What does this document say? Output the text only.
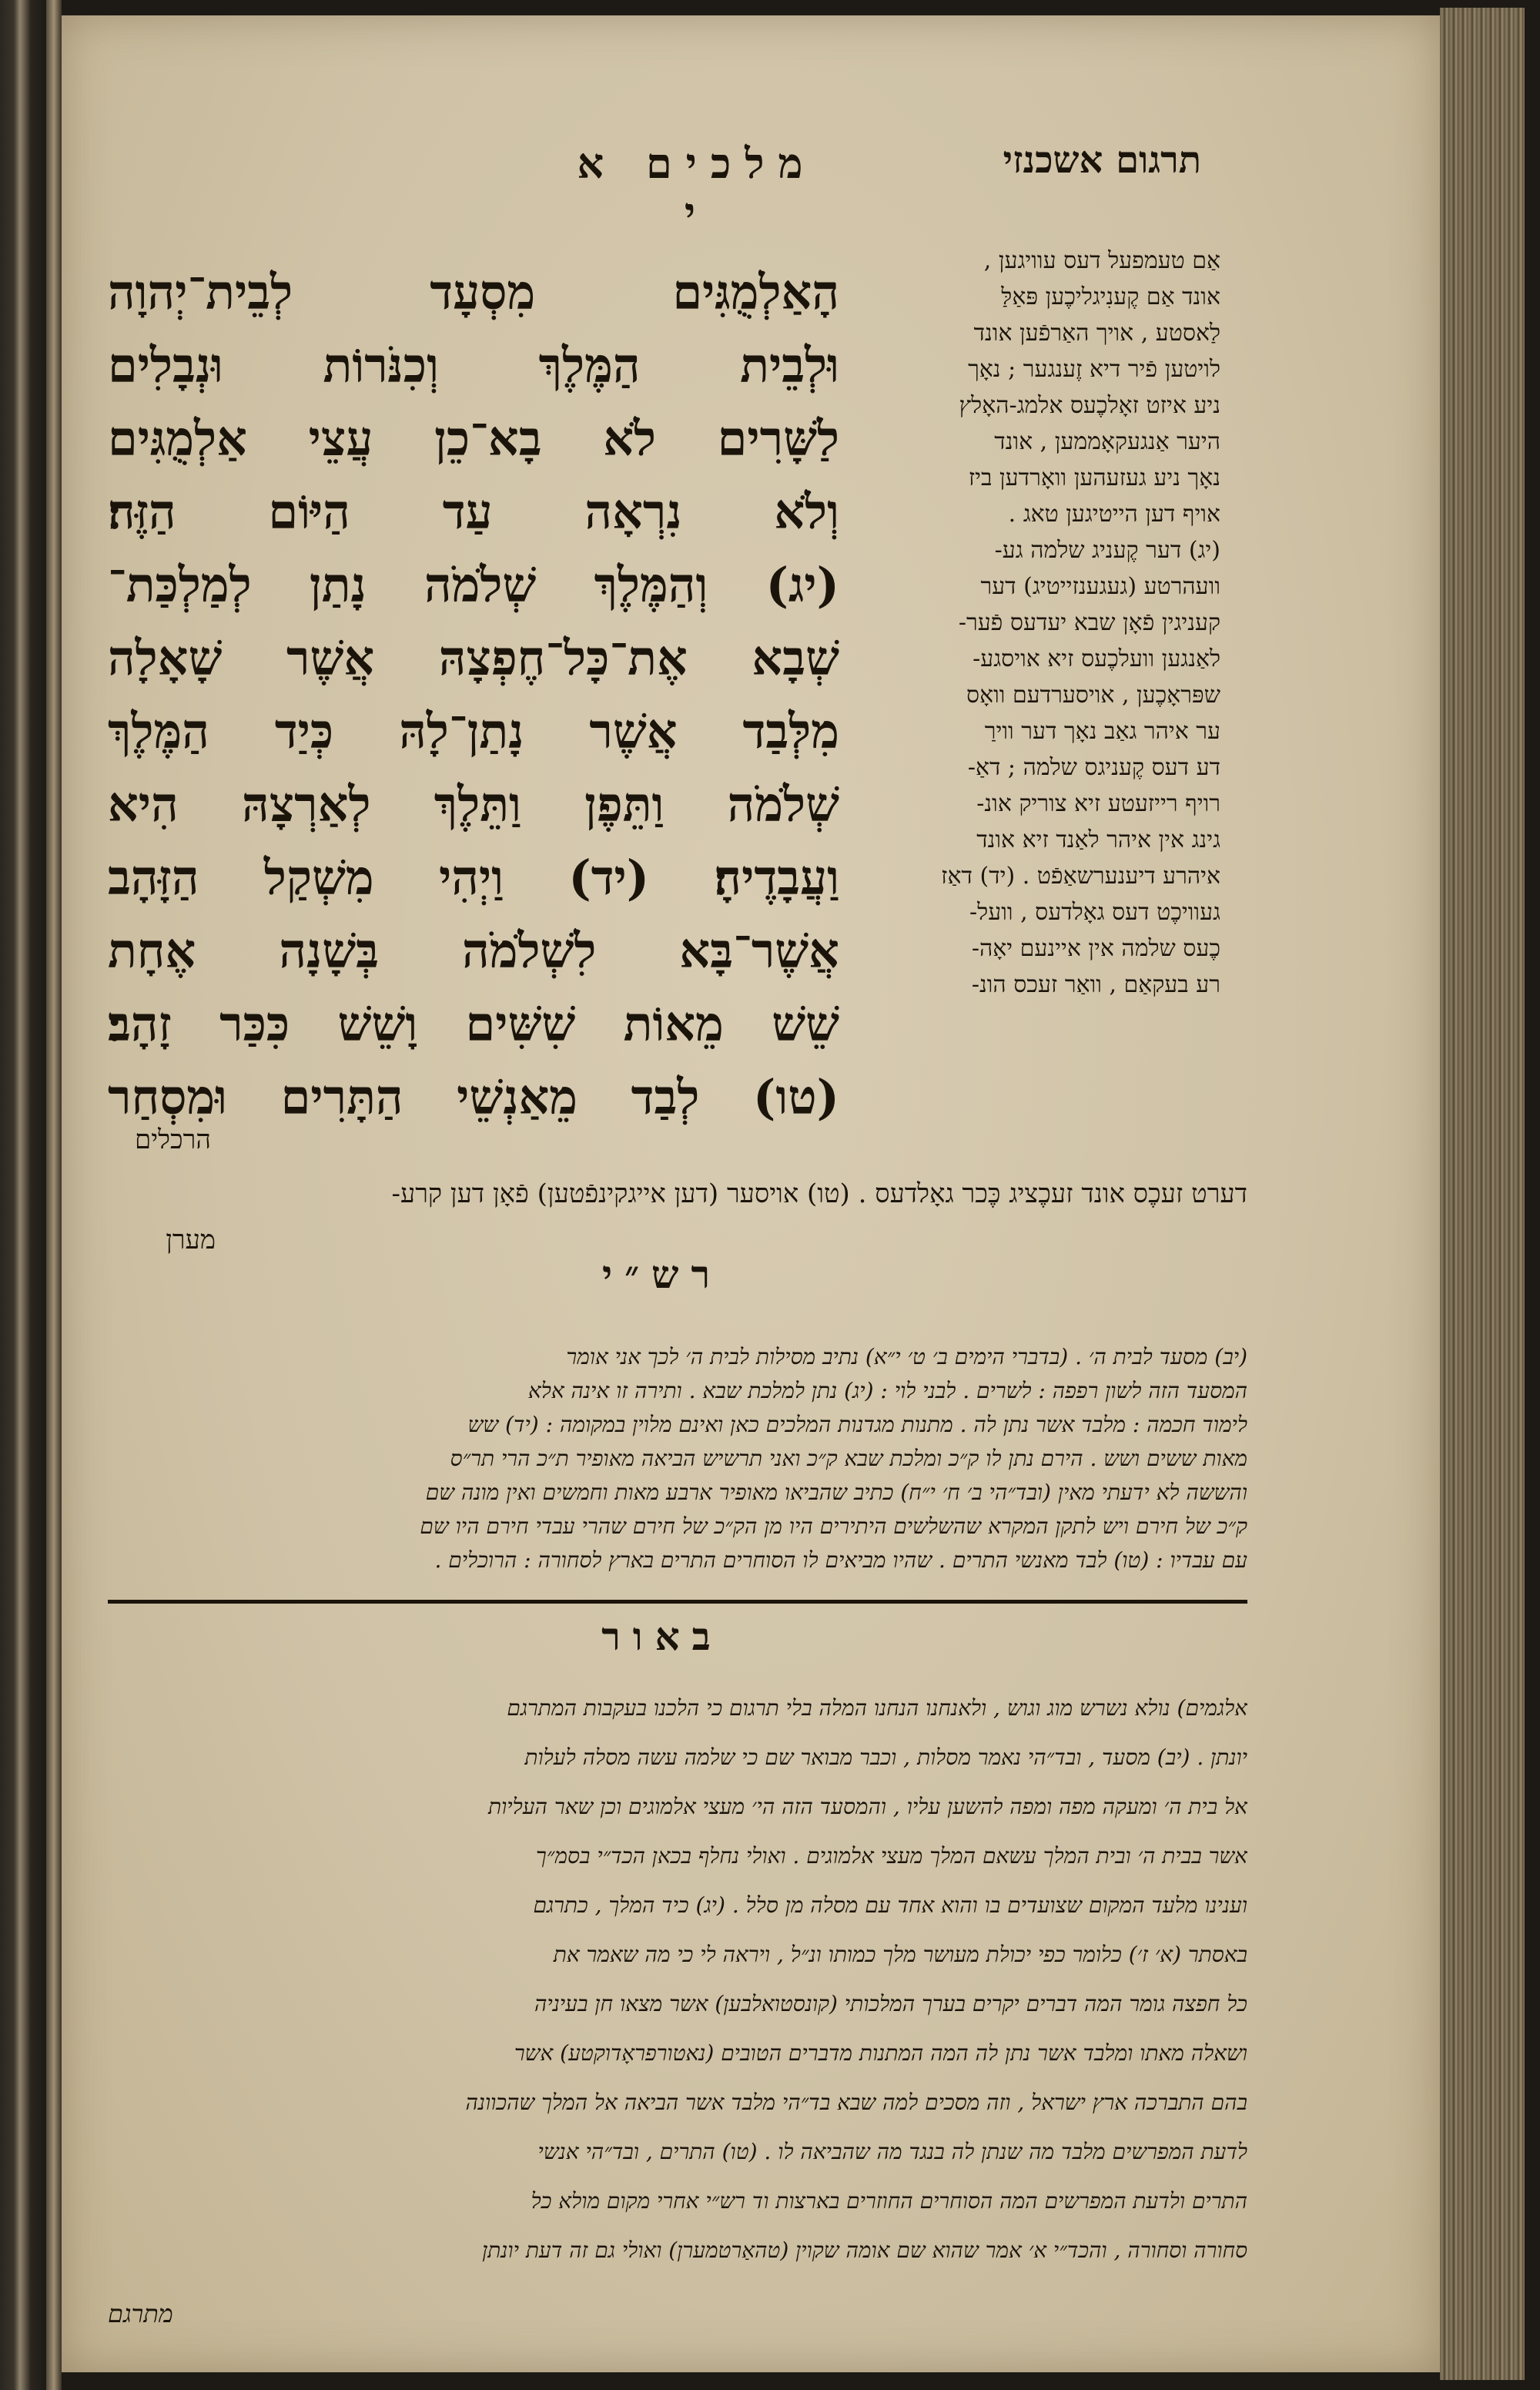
תרגום אשכנזי
מלכים א י

אַם טעמפעל דעס עוויגען ,

אונד אַם קֶענִיגליכֶען פּאַלַּ

לַאסטע , אויך האַרפֿען אונד

לויטען פֿיר דיא זֶענגער ; נאָך

ניע איזט זאָלכֶעס אלמג-האָלץ

היער אַנגעקאָממען , אונד

נאָך ניע געזעהען וואָרדען ביז

אויף דען הייטיגען טאג .

(יג) דער קֶעניג שלמה גע-

וועהרטע (געגענזייטיג) דער

קעניגין פֿאָן שבא יעדעס פֿער-

לאַנגען וועלכֶעס זיא אויסגע-

שפּראָכֶען , אויסערדעם וואָס

ער איהר גאַב נאָך דער ווירַ

דע דעס קֶעניגס שלמה ; דאַ-

רויף רייזעטע זיא צוריק אונ-

גינג אין איהר לאַנד זיא אונד

איהרע דיענערשאַפֿט . (יד) דאַז

געוויכֶט דעס גאָלדעס , וועל-

כֶעס שלמה אין איינעם יאָה-

רע בעקאַם , וואַר זעכס הונ-

הָאַלְמֻגִּים מִסְעָד לְבֵית־יְהוָה

וּלְבֵית הַמֶּלֶךְ וְכִנֹּרוֹת וּנְבָלִים

לַשָּׁרִים לֹא בָא־כֵן עֲצֵי אַלְמֻגִּים

וְלֹא נִרְאָה עַד הַיּוֹם הַזֶּה׃

(יג) וְהַמֶּלֶךְ שְׁלֹמֹה נָתַן לְמַלְכַּת־

שְׁבָא אֶת־כָּל־חֶפְצָהּ אֲשֶׁר שָׁאָלָה

מִלְּבַד אֲשֶׁר נָתַן־לָהּ כְּיַד הַמֶּלֶךְ

שְׁלֹמֹה וַתֵּפֶן וַתֵּלֶךְ לְאַרְצָהּ הִיא

וַעֲבָדֶיהָ׃ (יד) וַיְהִי מִשְׁקַל הַזָּהָב

אֲשֶׁר־בָּא לִשְׁלֹמֹה בְּשָׁנָה אֶחָת

שֵׁשׁ מֵאוֹת שִׁשִּׁים וָשֵׁשׁ כִּכַּר זָהָב׃

(טו) לְבַד מֵאַנְשֵׁי הַתָּרִים וּמִסְחַר

הרכלים

דערט זעכֶס אונד זעכֶציג כֶּכר גאָלדעס . (טו) אויסער (דען אייגקינפֿטען) פֿאָן דען קרע-

מערן

רש״י

(יב) מסעד לבית ה׳ . (בדברי הימים ב׳ ט׳ י״א) נתיב מסילות לבית ה׳ לכך אני אומר

המסעד הזה לשון רפפה : לשרים . לבני לוי : (יג) נתן למלכת שבא . ותירה זו אינה אלא

לימוד חכמה : מלבד אשר נתן לה . מתנות מגדנות המלכים כאן ואינם מלוין במקומה : (יד) שש

מאות ששים ושש . הירם נתן לו ק״כ ומלכת שבא ק״כ ואני תרשיש הביאה מאופיר ת״כ הרי תר״ס

והששה לא ידעתי מאין (ובד״הי ב׳ ח׳ י״ח) כתיב שהביאו מאופיר ארבע מאות וחמשים ואין מונה שם

ק״כ של חירם ויש לתקן המקרא שהשלשים היתירים היו מן הק״כ של חירם שהרי עבדי חירם היו שם

עם עבדיו : (טו) לבד מאנשי התרים . שהיו מביאים לו הסוחרים התרים בארץ לסחורה : הרוכלים .

באור

אלגמים) נולא נשרש מוג וגוש , ולאנחנו הנחנו המלה בלי תרגום כי הלכנו בעקבות המתרגם

יונתן . (יב) מסעד , ובד״הי נאמר מסלות , וכבר מבואר שם כי שלמה עשה מסלה לעלות

אל בית ה׳ ומעקה מפה ומפה להשען עליו , והמסעד הזה הי׳ מעצי אלמוגים וכן שאר העליות

אשר בבית ה׳ ובית המלך עשאם המלך מעצי אלמוגים . ואולי נחלף בכאן הכד״י בסמ״ך

וענינו מלעד המקום שצועדים בו והוא אחד עם מסלה מן סלל . (יג) כיד המלך , כתרגם

באסתר (א׳ ז׳) כלומר כפי יכולת מעושר מלך כמותו ונ״ל , ויראה לי כי מה שאמר את

כל חפצה גומר המה דברים יקרים בערך המלכותי (קונסטואלבען) אשר מצאו חן בעיניה

ושאלה מאתו ומלבד אשר נתן לה המה המתנות מדברים הטובים (נאטורפראָדוקטע) אשר

בהם התברכה ארץ ישראל , וזה מסכים למה שבא בד״הי מלבד אשר הביאה אל המלך שהכוונה

לדעת המפרשים מלבד מה שנתן לה בנגד מה שהביאה לו . (טו) התרים , ובד״הי אנשי

התרים ולדעת המפרשים המה הסוחרים החוזרים בארצות וד רש״י אחרי מקום מולא כל

סחורה וסחורה , והכד״י א׳ אמר שהוא שם אומה שקוין (טהאַרטמערן) ואולי גם זה דעת יונתן

מתרגם
